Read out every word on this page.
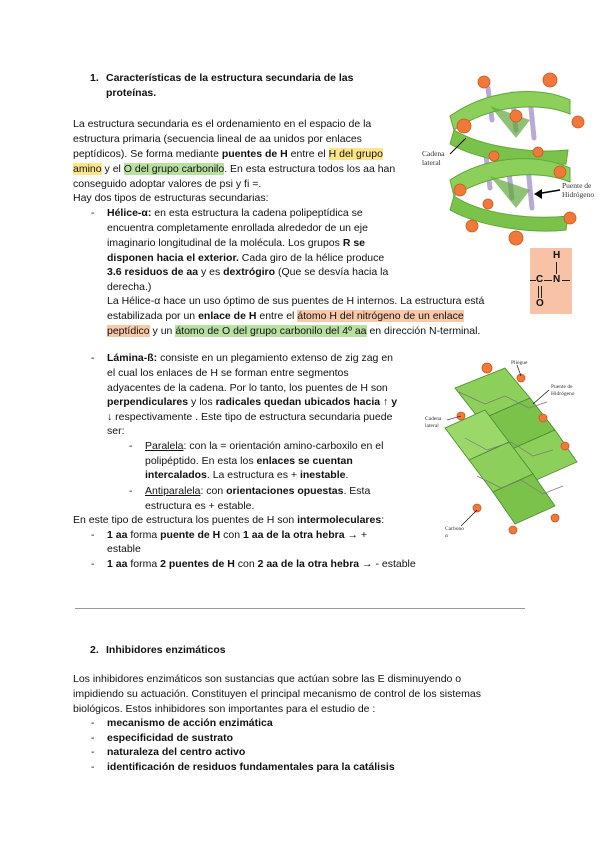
1. Características de la estructura secundaria de las
proteínas.
La estructura secundaria es el ordenamiento en el espacio de la
estructura primaria (secuencia lineal de aa unidos por enlaces
peptídicos). Se forma mediante puentes de H entre el H del grupo
amino y el O del grupo carbonilo. En esta estructura todos los aa han
conseguido adoptar valores de psi y fi =.
Hay dos tipos de estructuras secundarias:
- Hélice-α: en esta estructura la cadena polipeptídica se
encuentra completamente enrollada alrededor de un eje
imaginario longitudinal de la molécula. Los grupos R se
disponen hacia el exterior. Cada giro de la hélice produce
3.6 residuos de aa y es dextrógiro (Que se desvía hacia la
derecha.)
La Hélice-α hace un uso óptimo de sus puentes de H internos. La estructura está
estabilizada por un enlace de H entre el átomo H del nitrógeno de un enlace
peptídico y un átomo de O del grupo carbonilo del 4º aa en dirección N-terminal.
- Lámina-ß: consiste en un plegamiento extenso de zig zag en
el cual los enlaces de H se forman entre segmentos
adyacentes de la cadena. Por lo tanto, los puentes de H son
perpendiculares y los radicales quedan ubicados hacia ↑ y
↓ respectivamente . Este tipo de estructura secundaria puede
ser:
- Paralela: con la = orientación amino-carboxilo en el
polipéptido. En esta los enlaces se cuentan
intercalados. La estructura es + inestable.
- Antiparalela: con orientaciones opuestas. Esta
estructura es + estable.
En este tipo de estructura los puentes de H son intermoleculares:
- 1 aa forma puente de H con 1 aa de la otra hebra → +
estable
- 1 aa forma 2 puentes de H con 2 aa de la otra hebra → - estable
Cadena
lateral
Puente de
Hidrógeno
H
C N
O
Cadena
lateral
Puente de
Hidrógeno
Pliegue
Carbono
α
2. Inhibidores enzimáticos
Los inhibidores enzimáticos son sustancias que actúan sobre las E disminuyendo o
impidiendo su actuación. Constituyen el principal mecanismo de control de los sistemas
biológicos. Estos inhibidores son importantes para el estudio de :
- mecanismo de acción enzimática
- especificidad de sustrato
- naturaleza del centro activo
- identificación de residuos fundamentales para la catálisis
